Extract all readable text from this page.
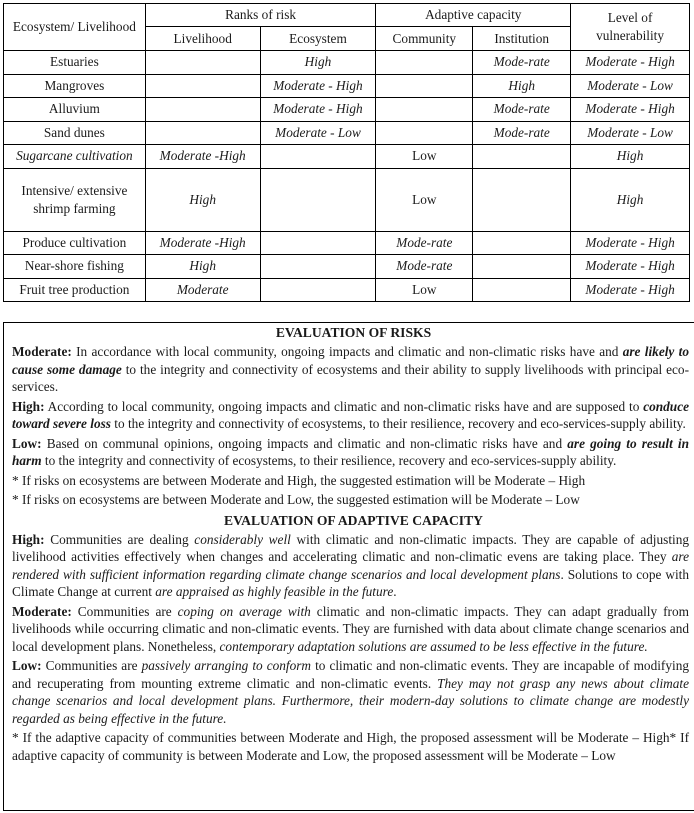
Ecosystem/ Livelihood	Ranks of risk		Adaptive capacity		Level of vulnerability
	Livelihood	Ecosystem	Community	Institution	
Estuaries		High		Mode-rate	Moderate - High
Mangroves		Moderate - High		High	Moderate - Low
Alluvium		Moderate - High		Mode-rate	Moderate - High
Sand dunes		Moderate - Low		Mode-rate	Moderate - Low
Sugarcane cultivation	Moderate -High		Low		High
Intensive/ extensive shrimp farming	High		Low		High
Produce cultivation	Moderate -High		Mode-rate		Moderate - High
Near-shore fishing	High		Mode-rate		Moderate - High
Fruit tree production	Moderate		Low		Moderate - High
EVALUATION OF RISKS

Moderate: In accordance with local community, ongoing impacts and climatic and non-climatic risks have and are likely to cause some damage to the integrity and connectivity of ecosystems and their ability to supply livelihoods with principal eco-services.

High: According to local community, ongoing impacts and climatic and non-climatic risks have and are supposed to conduce toward severe loss to the integrity and connectivity of ecosystems, to their resilience, recovery and eco-services-supply ability.

Low: Based on communal opinions, ongoing impacts and climatic and non-climatic risks have and are going to result in harm to the integrity and connectivity of ecosystems, to their resilience, recovery and eco-services-supply ability.

* If risks on ecosystems are between Moderate and High, the suggested estimation will be Moderate – High

* If risks on ecosystems are between Moderate and Low, the suggested estimation will be Moderate – Low

EVALUATION OF ADAPTIVE CAPACITY

High: Communities are dealing considerably well with climatic and non-climatic impacts. They are capable of adjusting livelihood activities effectively when changes and accelerating climatic and non-climatic evens are taking place. They are rendered with sufficient information regarding climate change scenarios and local development plans. Solutions to cope with Climate Change at current are appraised as highly feasible in the future.

Moderate: Communities are coping on average with climatic and non-climatic impacts. They can adapt gradually from livelihoods while occurring climatic and non-climatic events. They are furnished with data about climate change scenarios and local development plans. Nonetheless, contemporary adaptation solutions are assumed to be less effective in the future.

Low: Communities are passively arranging to conform to climatic and non-climatic events. They are incapable of modifying and recuperating from mounting extreme climatic and non-climatic events. They may not grasp any news about climate change scenarios and local development plans. Furthermore, their modern-day solutions to climate change are modestly regarded as being effective in the future.

* If the adaptive capacity of communities between Moderate and High, the proposed assessment will be Moderate – High* If adaptive capacity of community is between Moderate and Low, the proposed assessment will be Moderate – Low
